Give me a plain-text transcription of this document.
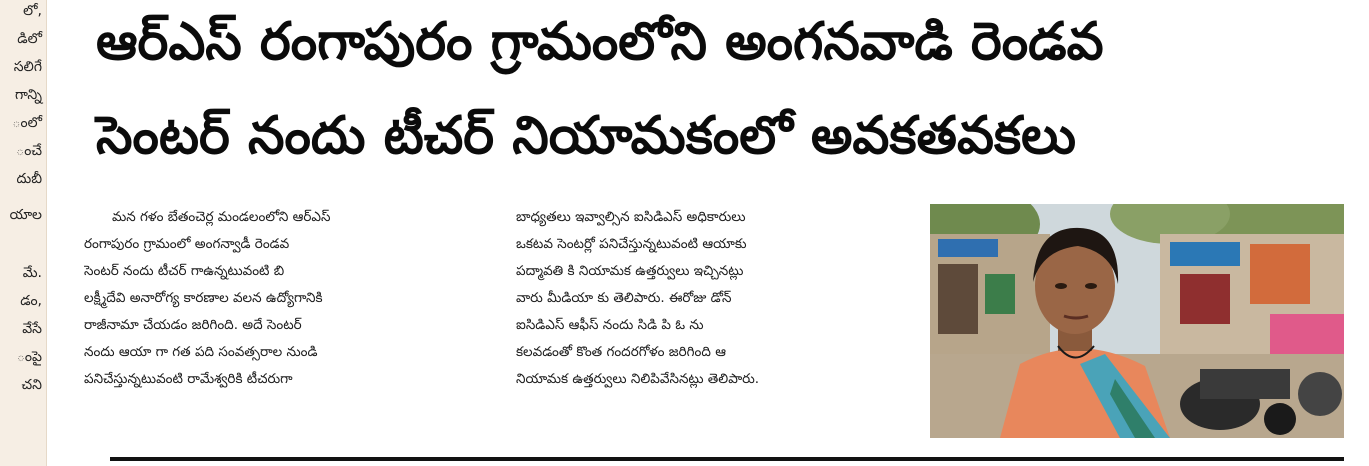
లో,
డిలో
సలిగే
గాన్ని
ంలో
ంచే
దుబీ
యాల
మే.
డం,
వేసే
ంపై
చని
ఆర్ఎస్ రంగాపురం గ్రామంలోని అంగనవాడి రెండవ
సెంటర్ నందు టీచర్ నియామకంలో అవకతవకలు
మన గళం బేతంచెర్ల మండలంలోని ఆర్ఎస్
రంగాపురం గ్రామంలో అంగన్వాడీ రెండవ
సెంటర్ నందు టీచర్ గాఉన్నటువంటి బి
లక్ష్మీదేవి అనారోగ్య కారణాల వలన ఉద్యోగానికి
రాజీనామా చేయడం జరిగింది. అదే సెంటర్
నందు ఆయా గా గత పది సంవత్సరాల నుండి
పనిచేస్తున్నటువంటి రామేశ్వరికి టీచరుగా
బాధ్యతలు ఇవ్వాల్సిన ఐసిడిఎస్ అధికారులు
ఒకటవ సెంటర్లో పనిచేస్తున్నటువంటి ఆయాకు
పద్మావతి కి నియామక ఉత్తర్వులు ఇచ్చినట్లు
వారు మీడియా కు తెలిపారు. ఈరోజు డోన్
ఐసిడిఎస్ ఆఫీస్ నందు సిడి పి ఓ ను
కలవడంతో కొంత గందరగోళం జరిగింది ఆ
నియామక ఉత్తర్వులు నిలిపివేసినట్లు తెలిపారు.
